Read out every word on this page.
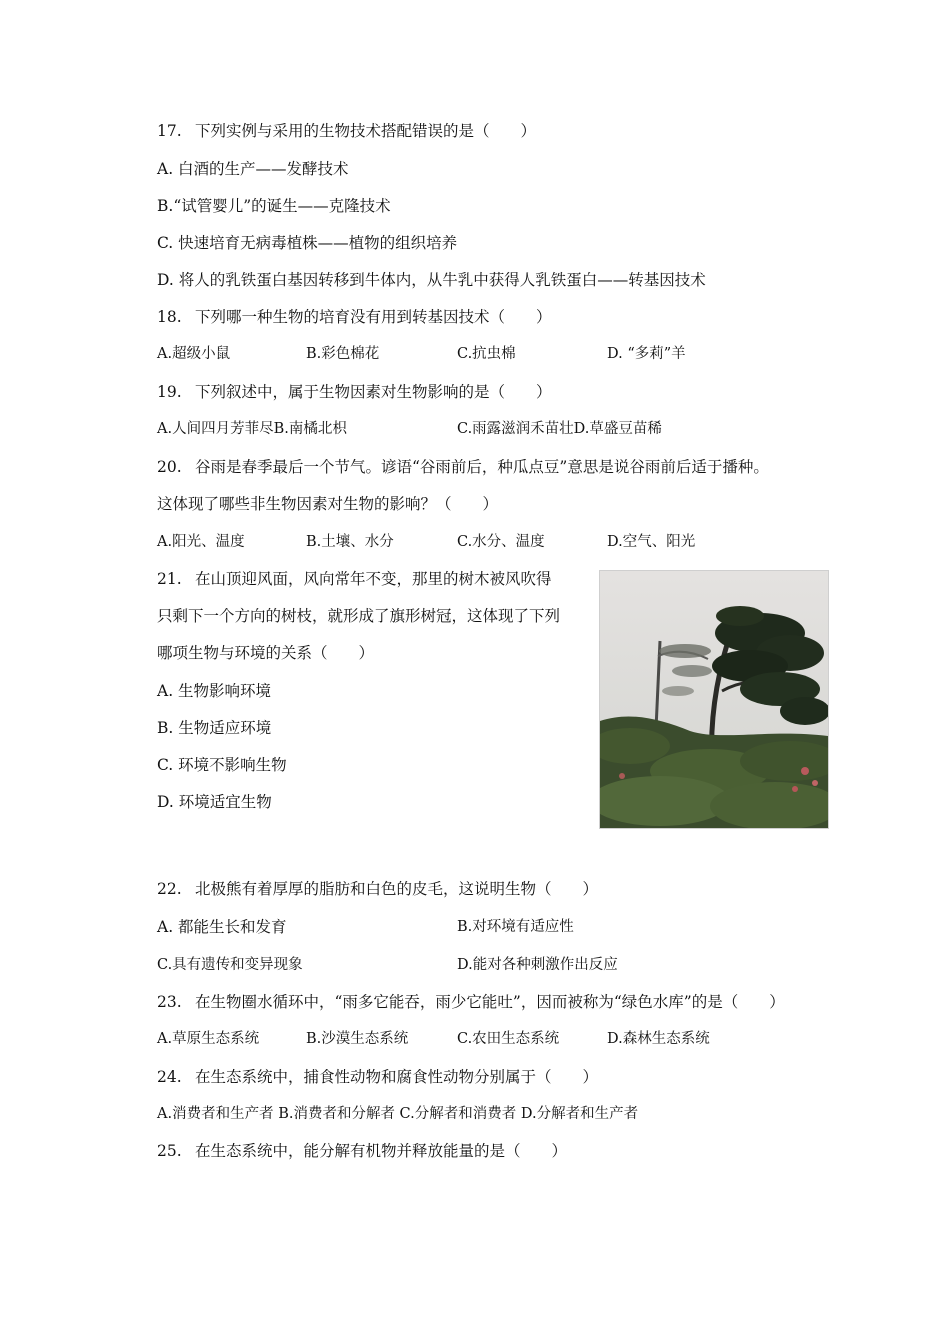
17. 下列实例与采用的生物技术搭配错误的是（　　）
A. 白酒的生产——发酵技术
B.“试管婴儿”的诞生——克隆技术
C. 快速培育无病毒植株——植物的组织培养
D. 将人的乳铁蛋白基因转移到牛体内，从牛乳中获得人乳铁蛋白——转基因技术
18. 下列哪一种生物的培育没有用到转基因技术（　　）
A.超级小鼠	B.彩色棉花	C.抗虫棉	D. “多莉”羊
19. 下列叙述中，属于生物因素对生物影响的是（　　）
A.人间四月芳菲尽B.南橘北枳	C.雨露滋润禾苗壮D.草盛豆苗稀
20. 谷雨是春季最后一个节气。谚语“谷雨前后，种瓜点豆”意思是说谷雨前后适于播种。
这体现了哪些非生物因素对生物的影响？（　　）
A.阳光、温度	B.土壤、水分	C.水分、温度	D.空气、阳光
21. 在山顶迎风面，风向常年不变，那里的树木被风吹得
只剩下一个方向的树枝，就形成了旗形树冠，这体现了下列
哪项生物与环境的关系（　　）
A. 生物影响环境
B. 生物适应环境
C. 环境不影响生物
D. 环境适宜生物
22. 北极熊有着厚厚的脂肪和白色的皮毛，这说明生物（　　）
A. 都能生长和发育	B.对环境有适应性
C.具有遗传和变异现象	D.能对各种刺激作出反应
23. 在生物圈水循环中，“雨多它能吞，雨少它能吐”，因而被称为“绿色水库”的是（　　）
A.草原生态系统	B.沙漠生态系统	C.农田生态系统	D.森林生态系统
24. 在生态系统中，捕食性动物和腐食性动物分别属于（　　）
A.消费者和生产者 B.消费者和分解者 C.分解者和消费者 D.分解者和生产者
25. 在生态系统中，能分解有机物并释放能量的是（　　）
